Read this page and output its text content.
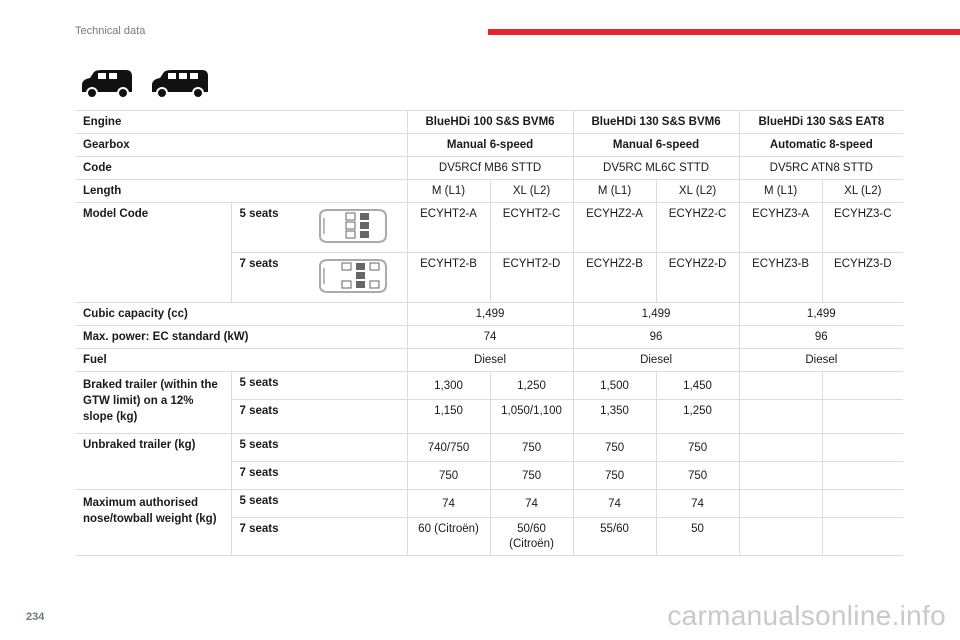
Technical data
Engine			BlueHDi 100 S&S BVM6		BlueHDi 130 S&S BVM6		BlueHDi 130 S&S EAT8	
Gearbox			Manual 6-speed		Manual 6-speed		Automatic 8-speed	
Code			DV5RCf MB6 STTD		DV5RC ML6C STTD		DV5RC ATN8 STTD	
Length			M (L1)	XL (L2)	M (L1)	XL (L2)	M (L1)	XL (L2)
Model Code	5 seats		ECYHT2-A	ECYHT2-C	ECYHZ2-A	ECYHZ2-C	ECYHZ3-A	ECYHZ3-C
	7 seats		ECYHT2-B	ECYHT2-D	ECYHZ2-B	ECYHZ2-D	ECYHZ3-B	ECYHZ3-D
Cubic capacity (cc)			1,499		1,499		1,499	
Max. power: EC standard (kW)			74		96		96	
Fuel			Diesel		Diesel		Diesel	
Braked trailer (within the GTW limit) on a 12% slope (kg)	5 seats		1,300	1,250	1,500	1,450		
	7 seats		1,150	1,050/1,100	1,350	1,250		
Unbraked trailer (kg)	5 seats		740/750	750	750	750		
	7 seats		750	750	750	750		
Maximum authorised nose/towball weight (kg)	5 seats		74	74	74	74		
	7 seats		60 (Citroën)	50/60 (Citroën)	55/60	50		
234	carmanualsonline.info
